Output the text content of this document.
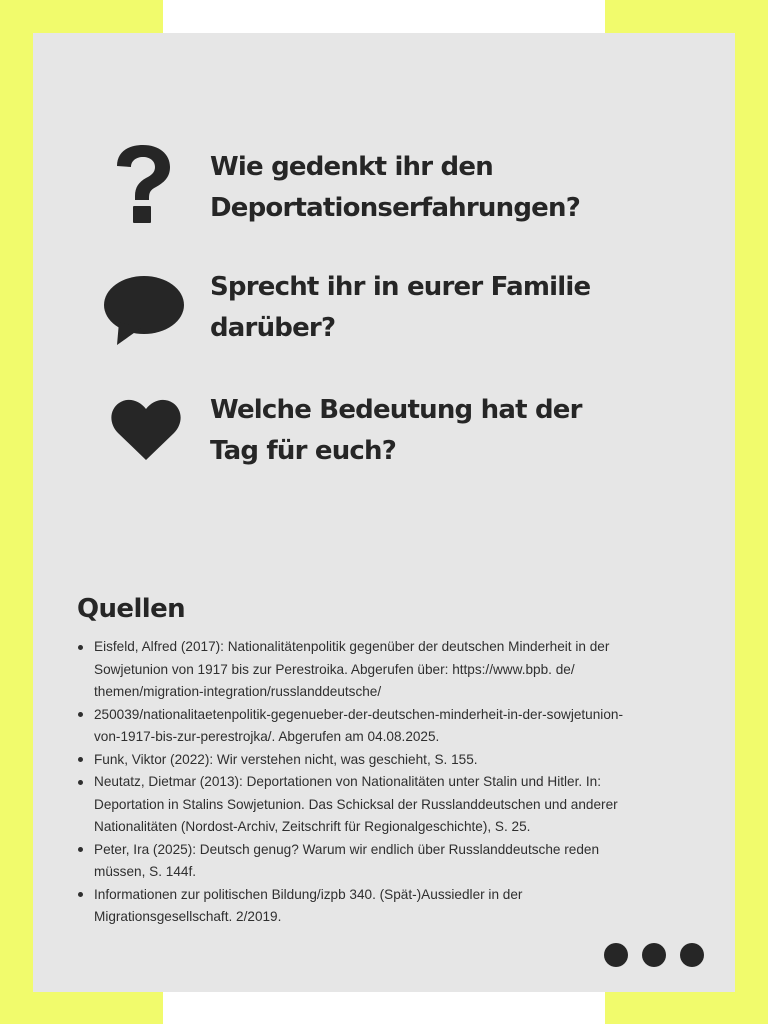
Wie gedenkt ihr den
Deportationserfahrungen?
Sprecht ihr in eurer Familie
darüber?
Welche Bedeutung hat der
Tag für euch?
Quellen
Eisfeld, Alfred (2017): Nationalitätenpolitik gegenüber der deutschen Minderheit in der
Sowjetunion von 1917 bis zur Perestroika. Abgerufen über: https://www.bpb. de/
themen/migration-integration/russlanddeutsche/
250039/nationalitaetenpolitik-gegenueber-der-deutschen-minderheit-in-der-sowjetunion-
von-1917-bis-zur-perestrojka/. Abgerufen am 04.08.2025.
Funk, Viktor (2022): Wir verstehen nicht, was geschieht, S. 155.
Neutatz, Dietmar (2013): Deportationen von Nationalitäten unter Stalin und Hitler. In:
Deportation in Stalins Sowjetunion. Das Schicksal der Russlanddeutschen und anderer
Nationalitäten (Nordost-Archiv, Zeitschrift für Regionalgeschichte), S. 25.
Peter, Ira (2025): Deutsch genug? Warum wir endlich über Russlanddeutsche reden
müssen, S. 144f.
Informationen zur politischen Bildung/izpb 340. (Spät-)Aussiedler in der
Migrationsgesellschaft. 2/2019.
